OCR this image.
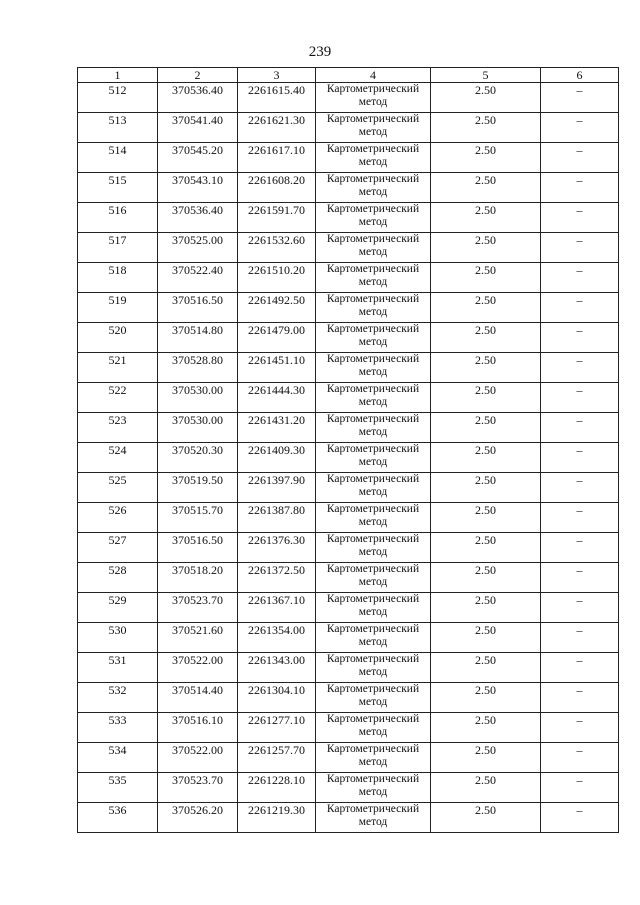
239
1	2	3	4	5	6
512	370536.40	2261615.40	Картометрический метод	2.50	–
513	370541.40	2261621.30	Картометрический метод	2.50	–
514	370545.20	2261617.10	Картометрический метод	2.50	–
515	370543.10	2261608.20	Картометрический метод	2.50	–
516	370536.40	2261591.70	Картометрический метод	2.50	–
517	370525.00	2261532.60	Картометрический метод	2.50	–
518	370522.40	2261510.20	Картометрический метод	2.50	–
519	370516.50	2261492.50	Картометрический метод	2.50	–
520	370514.80	2261479.00	Картометрический метод	2.50	–
521	370528.80	2261451.10	Картометрический метод	2.50	–
522	370530.00	2261444.30	Картометрический метод	2.50	–
523	370530.00	2261431.20	Картометрический метод	2.50	–
524	370520.30	2261409.30	Картометрический метод	2.50	–
525	370519.50	2261397.90	Картометрический метод	2.50	–
526	370515.70	2261387.80	Картометрический метод	2.50	–
527	370516.50	2261376.30	Картометрический метод	2.50	–
528	370518.20	2261372.50	Картометрический метод	2.50	–
529	370523.70	2261367.10	Картометрический метод	2.50	–
530	370521.60	2261354.00	Картометрический метод	2.50	–
531	370522.00	2261343.00	Картометрический метод	2.50	–
532	370514.40	2261304.10	Картометрический метод	2.50	–
533	370516.10	2261277.10	Картометрический метод	2.50	–
534	370522.00	2261257.70	Картометрический метод	2.50	–
535	370523.70	2261228.10	Картометрический метод	2.50	–
536	370526.20	2261219.30	Картометрический метод	2.50	–
